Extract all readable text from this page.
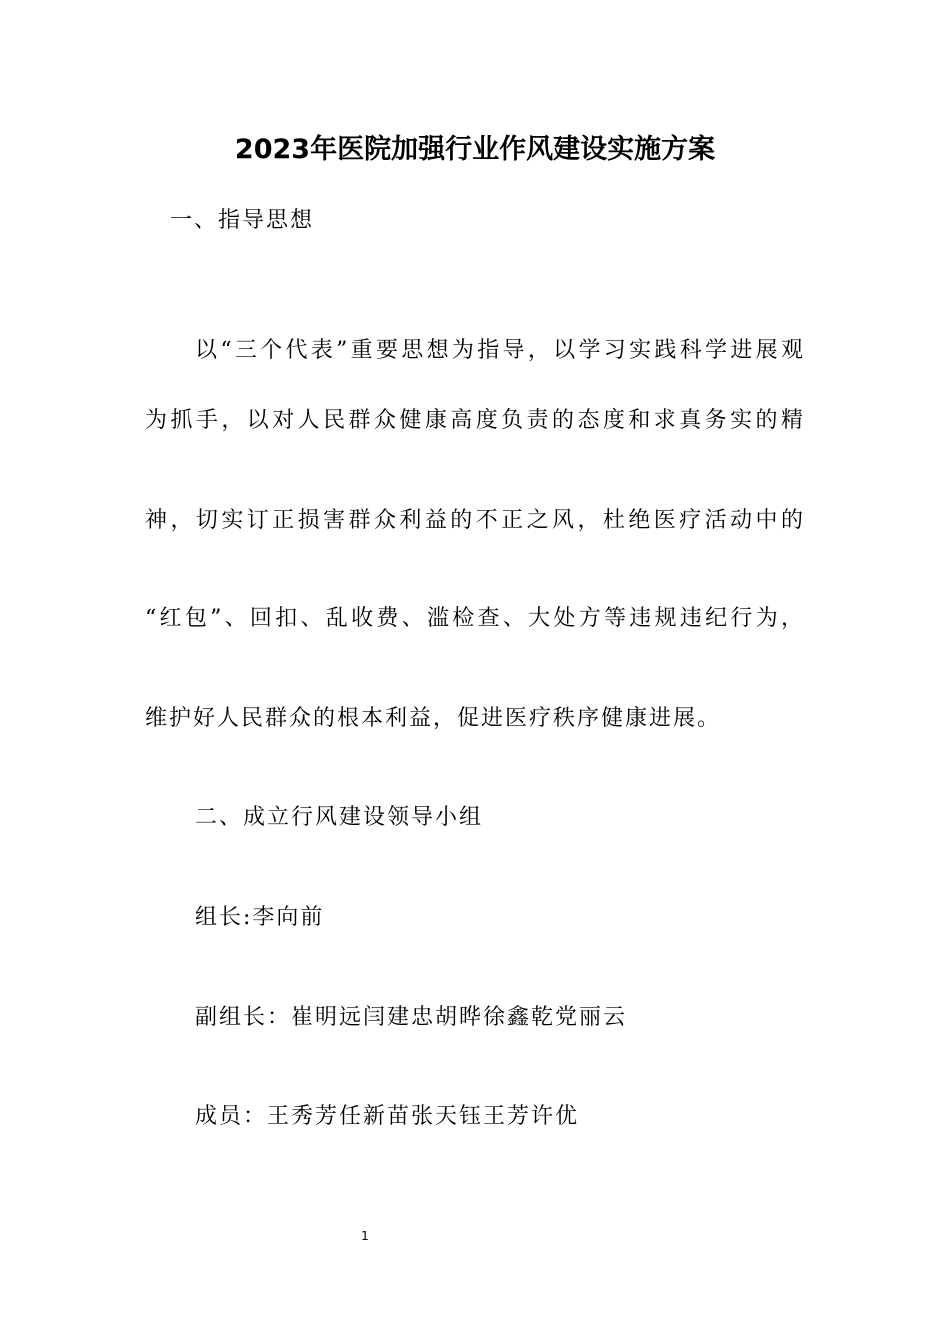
2023年医院加强行业作风建设实施方案
一、指导思想
以“三个代表”重要思想为指导，以学习实践科学进展观
为抓手，以对人民群众健康高度负责的态度和求真务实的精
神，切实订正损害群众利益的不正之风，杜绝医疗活动中的
“红包”、回扣、乱收费、滥检查、大处方等违规违纪行为，
维护好人民群众的根本利益，促进医疗秩序健康进展。
二、成立行风建设领导小组
组长:李向前
副组长：崔明远闫建忠胡晔徐鑫乾党丽云
成员：王秀芳任新苗张天钰王芳许优
1
